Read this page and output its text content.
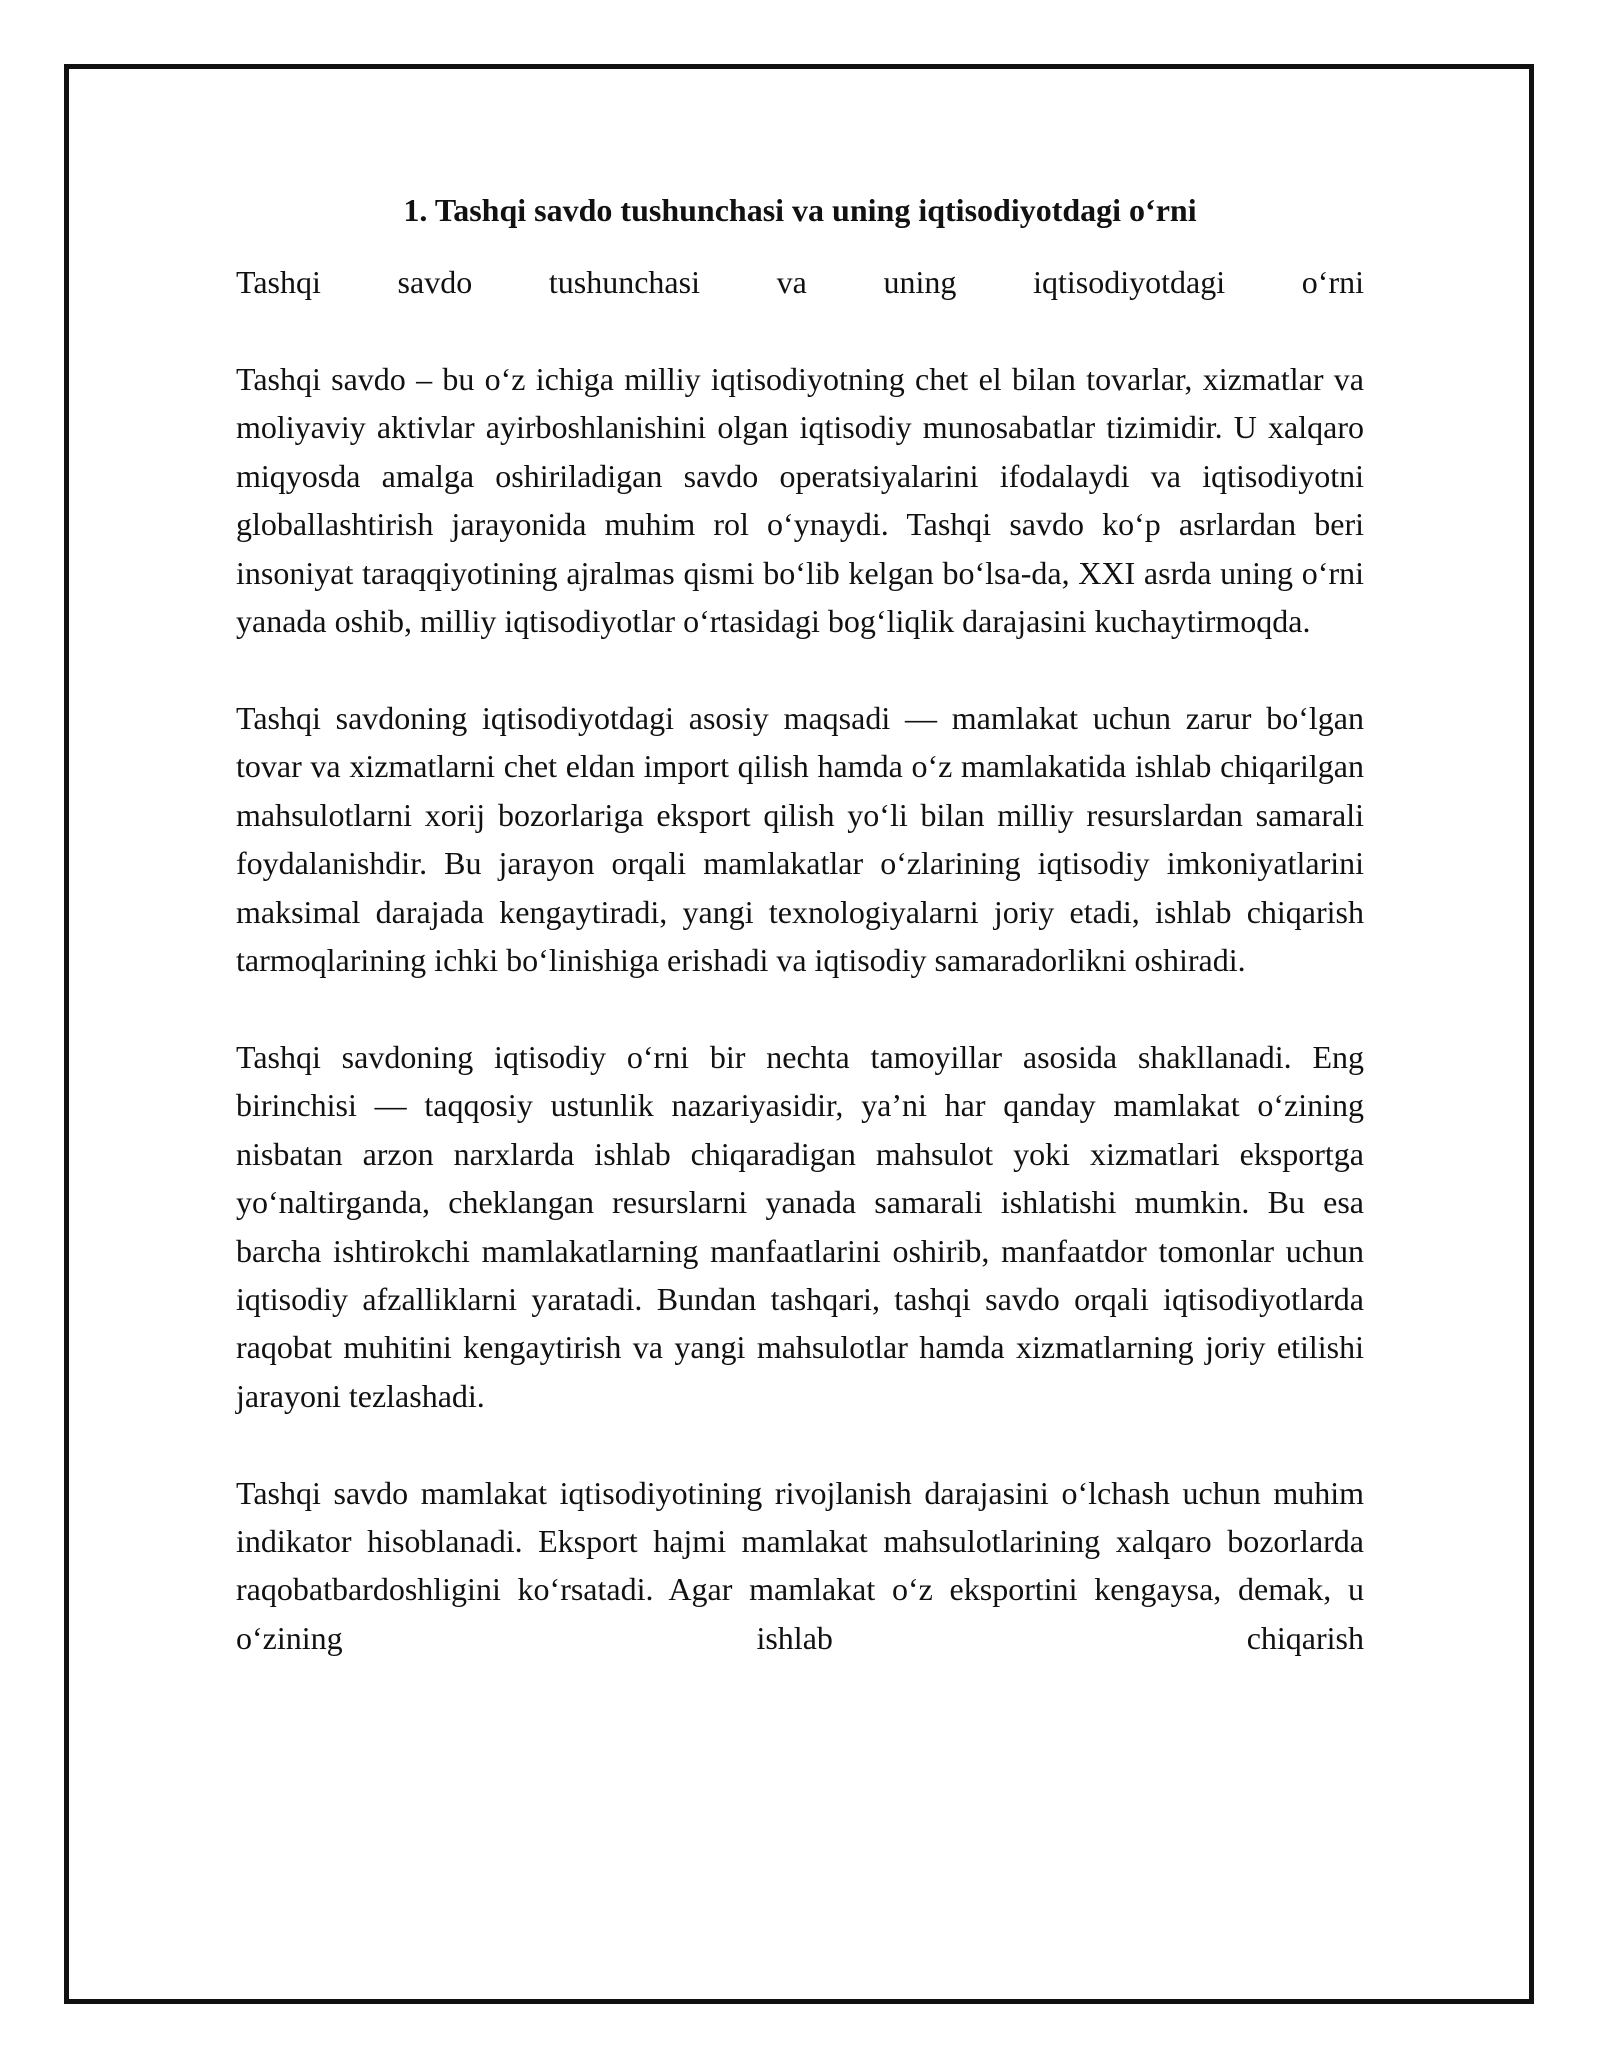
1. Tashqi savdo tushunchasi va uning iqtisodiyotdagi o‘rni

Tashqi savdo tushunchasi va uning iqtisodiyotdagi o‘rni

Tashqi savdo – bu o‘z ichiga milliy iqtisodiyotning chet el bilan tovarlar, xizmatlar va moliyaviy aktivlar ayirboshlanishini olgan iqtisodiy munosabatlar tizimidir. U xalqaro miqyosda amalga oshiriladigan savdo operatsiyalarini ifodalaydi va iqtisodiyotni globallashtirish jarayonida muhim rol o‘ynaydi. Tashqi savdo ko‘p asrlardan beri insoniyat taraqqiyotining ajralmas qismi bo‘lib kelgan bo‘lsa-da, XXI asrda uning o‘rni yanada oshib, milliy iqtisodiyotlar o‘rtasidagi bog‘liqlik darajasini kuchaytirmoqda.

Tashqi savdoning iqtisodiyotdagi asosiy maqsadi — mamlakat uchun zarur bo‘lgan tovar va xizmatlarni chet eldan import qilish hamda o‘z mamlakatida ishlab chiqarilgan mahsulotlarni xorij bozorlariga eksport qilish yo‘li bilan milliy resurslardan samarali foydalanishdir. Bu jarayon orqali mamlakatlar o‘zlarining iqtisodiy imkoniyatlarini maksimal darajada kengaytiradi, yangi texnologiyalarni joriy etadi, ishlab chiqarish tarmoqlarining ichki bo‘linishiga erishadi va iqtisodiy samaradorlikni oshiradi.

Tashqi savdoning iqtisodiy o‘rni bir nechta tamoyillar asosida shakllanadi. Eng birinchisi — taqqosiy ustunlik nazariyasidir, ya’ni har qanday mamlakat o‘zining nisbatan arzon narxlarda ishlab chiqaradigan mahsulot yoki xizmatlari eksportga yo‘naltirganda, cheklangan resurslarni yanada samarali ishlatishi mumkin. Bu esa barcha ishtirokchi mamlakatlarning manfaatlarini oshirib, manfaatdor tomonlar uchun iqtisodiy afzalliklarni yaratadi. Bundan tashqari, tashqi savdo orqali iqtisodiyotlarda raqobat muhitini kengaytirish va yangi mahsulotlar hamda xizmatlarning joriy etilishi jarayoni tezlashadi.

Tashqi savdo mamlakat iqtisodiyotining rivojlanish darajasini o‘lchash uchun muhim indikator hisoblanadi. Eksport hajmi mamlakat mahsulotlarining xalqaro bozorlarda raqobatbardoshligini ko‘rsatadi. Agar mamlakat o‘z eksportini kengaysa, demak, u o‘zining ishlab chiqarish
